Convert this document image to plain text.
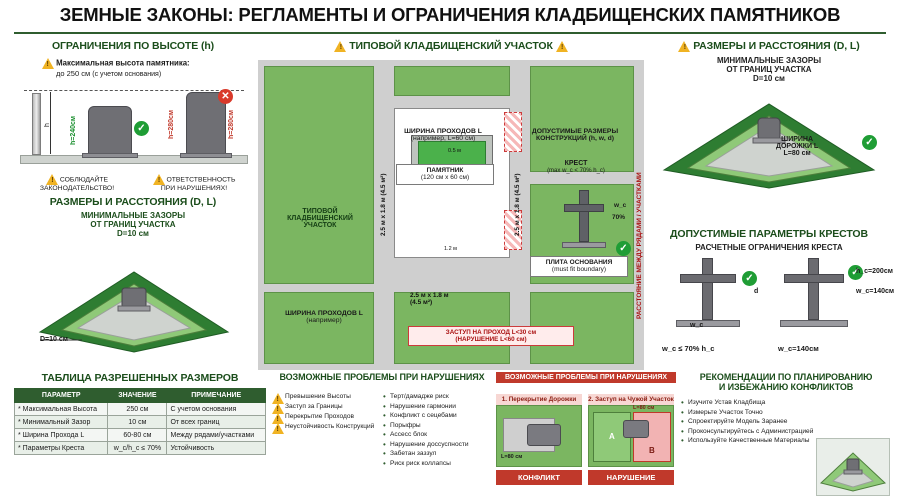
ЗЕМНЫЕ ЗАКОНЫ: РЕГЛАМЕНТЫ И ОГРАНИЧЕНИЯ КЛАДБИЩЕНСКИХ ПАМЯТНИКОВ
ОГРАНИЧЕНИЯ ПО ВЫСОТЕ (h)
! Максимальная высота памятника:
до 250 см (с учетом основания)
h	h=240см	✓	h=280см	h=280см
✕
! СОБЛЮДАЙТЕ
ЗАКОНОДАТЕЛЬСТВО!
! ОТВЕТСТВЕННОСТЬ
ПРИ НАРУШЕНИЯХ!
РАЗМЕРЫ И РАССТОЯНИЯ (D, L)
МИНИМАЛЬНЫЕ ЗАЗОРЫ
ОТ ГРАНИЦ УЧАСТКА
D=10 см
D=10 см
ТАБЛИЦА РАЗРЕШЕННЫХ РАЗМЕРОВ
ПАРАМЕТР	ЗНАЧЕНИЕ	ПРИМЕЧАНИЕ
* Максимальная Высота	250 см	С учетом основания
* Минимальный Зазор	10 см	От всех границ
* Ширина Прохода L	60-80 см	Между рядами/участками
* Параметры Креста	w_c/h_c ≤ 70%	Устойчивость
! ТИПОВОЙ КЛАДБИЩЕНСКИЙ УЧАСТОК !
ТИПОВОЙ
КЛАДБИЩЕНСКИЙ
УЧАСТОК
w_c
70%
✓
ПАМЯТНИК
(120 см x 60 см)
ПЛИТА ОСНОВАНИЯ
(must fit boundary)
2.5 м x 1.8 м (4.5 м²)
2.5 м x 1.8 м (4.5 м²)
2.5 м x 1.8 м
(4.5 м²)
0.5 м
1.2 м
ЗАСТУП НА ПРОХОД L<30 см
(НАРУШЕНИЕ L<60 см)
РАССТОЯНИЕ МЕЖДУ РЯДАМИ / УЧАСТКАМИ
ШИРИНА ПРОХОДОВ L
(например, L=60 см)
ДОПУСТИМЫЕ РАЗМЕРЫ
КОНСТРУКЦИЙ (h, w, d)
КРЕСТ
(max w_c < 70% h_c)
ШИРИНА ПРОХОДОВ L
(например)
! РАЗМЕРЫ И РАССТОЯНИЯ (D, L)
МИНИМАЛЬНЫЕ ЗАЗОРЫ
ОТ ГРАНИЦ УЧАСТКА
D=10 см
ШИРИНА
ДОРОЖКИ L
L=80 см
✓
ДОПУСТИМЫЕ ПАРАМЕТРЫ КРЕСТОВ
РАСЧЕТНЫЕ ОГРАНИЧЕНИЯ КРЕСТА
✓
w_c
d
w_c ≤ 70% h_c
✓
h_c=200см
w_c=140см
w_c=140см
ВОЗМОЖНЫЕ ПРОБЛЕМЫ ПРИ НАРУШЕНИЯХ
!
Превышение Высоты
!
Заступ за Границы
!
Перекрытие Проходов
!
Неустойчивость Конструкций
• Терт/дамадже риск
• Нарушение гармонии
• Конфликт с сецебами
• Порыфры
• Ассесс блок
• Нарушение доссуспности
• Забетан заззул
• Риск риск коллапсы
ВОЗМОЖНЫЕ ПРОБЛЕМЫ ПРИ НАРУШЕНИЯХ
1. Перекрытие Дорожки
L=80 см
КОНФЛИКТ
2. Заступ на Чужой Участок
A
B
L=80 см
НАРУШЕНИЕ
РЕКОМЕНДАЦИИ ПО ПЛАНИРОВАНИЮ
И ИЗБЕЖАНИЮ КОНФЛИКТОВ
• Изучите Устав Кладбища
• Измерьте Участок Точно
• Спроектируйте Модель Заранее
• Проконсультируйтесь с Администрацией
• Используйте Качественные Материалы
